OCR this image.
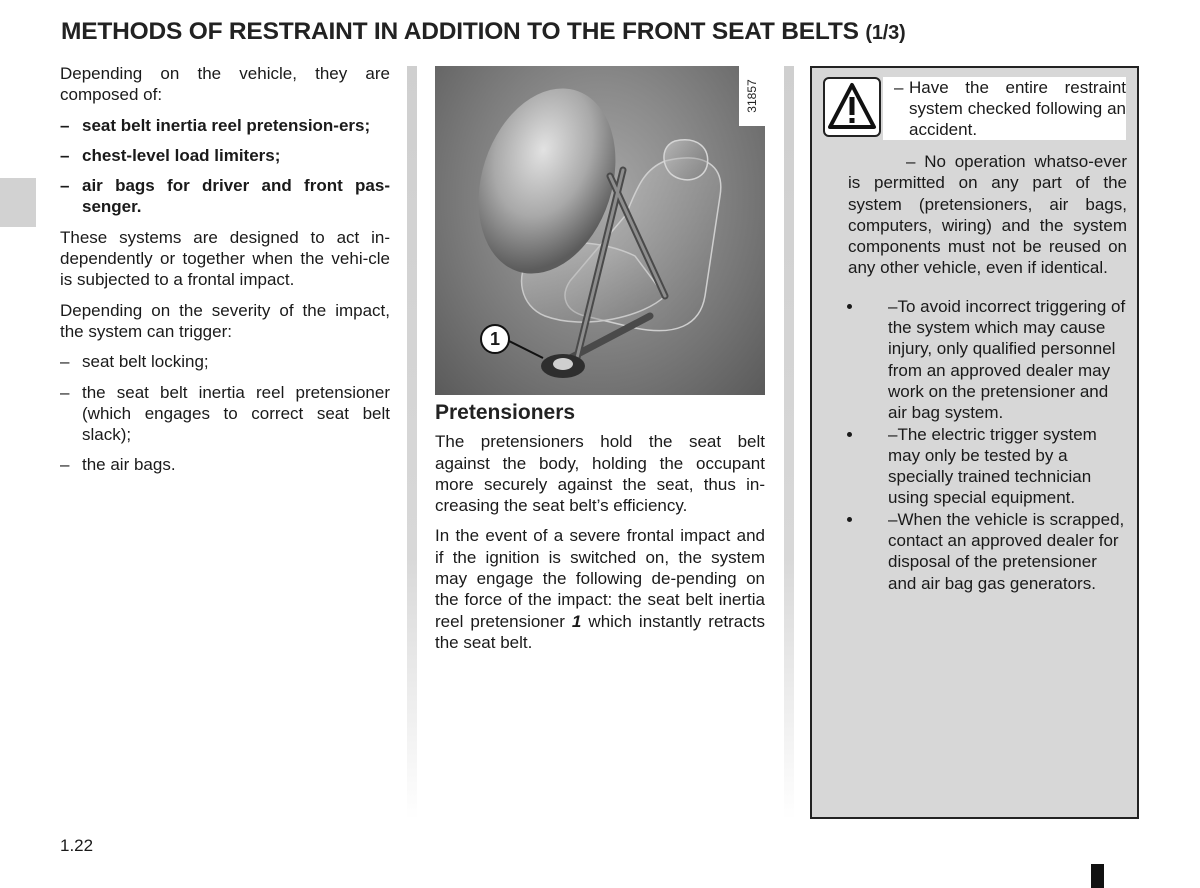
METHODS OF RESTRAINT IN ADDITION TO THE FRONT SEAT BELTS (1/3)

Depending on the vehicle, they are composed of:

– seat belt inertia reel pretension-ers;
– chest-level load limiters;
– air bags for driver and front pas-senger.

These systems are designed to act in-dependently or together when the vehi-cle is subjected to a frontal impact.

Depending on the severity of the impact, the system can trigger:

– seat belt locking;
– the seat belt inertia reel pretensioner (which engages to correct seat belt slack);
– the air bags.
31857
1
Pretensioners

The pretensioners hold the seat belt against the body, holding the occupant more securely against the seat, thus in-creasing the seat belt’s efficiency.

In the event of a severe frontal impact and if the ignition is switched on, the system may engage the following de-pending on the force of the impact: the seat belt inertia reel pretensioner 1 which instantly retracts the seat belt.

– Have the entire restraint system checked following an accident.

– No operation whatso-ever is permitted on any part of the system (pretensioners, air bags, computers, wiring) and the system components must not be reused on any other vehicle, even if identical.

• –To avoid incorrect triggering of the system which may cause injury, only qualified personnel from an approved dealer may work on the pretensioner and air bag system.
• –The electric trigger system may only be tested by a specially trained technician using special equipment.
• –When the vehicle is scrapped, contact an approved dealer for disposal of the pretensioner and air bag gas generators.
1.22
